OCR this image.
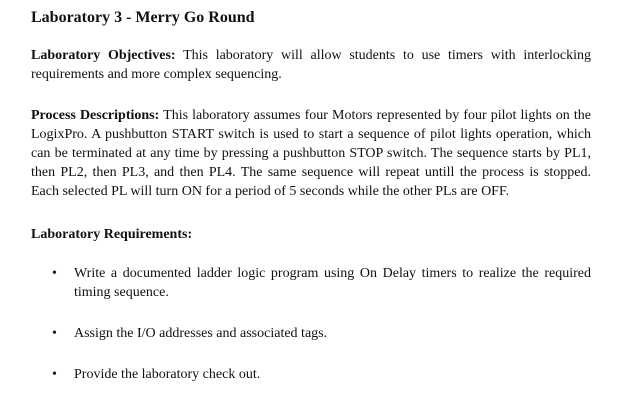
Laboratory 3 - Merry Go Round

Laboratory Objectives: This laboratory will allow students to use timers with interlocking requirements and more complex sequencing.

Process Descriptions: This laboratory assumes four Motors represented by four pilot lights on the LogixPro. A pushbutton START switch is used to start a sequence of pilot lights operation, which can be terminated at any time by pressing a pushbutton STOP switch. The sequence starts by PL1, then PL2, then PL3, and then PL4. The same sequence will repeat untill the process is stopped. Each selected PL will turn ON for a period of 5 seconds while the other PLs are OFF.

Laboratory Requirements:
• Write a documented ladder logic program using On Delay timers to realize the required timing sequence.
• Assign the I/O addresses and associated tags.
• Provide the laboratory check out.
